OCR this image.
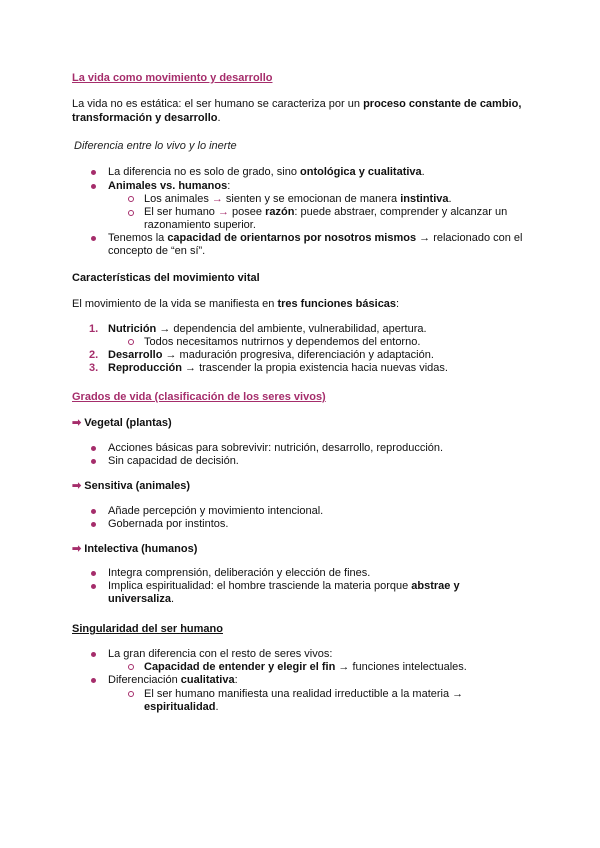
La vida como movimiento y desarrollo
La vida no es estática: el ser humano se caracteriza por un proceso constante de cambio,
transformación y desarrollo.
Diferencia entre lo vivo y lo inerte
La diferencia no es solo de grado, sino ontológica y cualitativa.
Animales vs. humanos:
Los animales → sienten y se emocionan de manera instintiva.
El ser humano → posee razón: puede abstraer, comprender y alcanzar un
razonamiento superior.
Tenemos la capacidad de orientarnos por nosotros mismos → relacionado con el
concepto de “en sí”.
Características del movimiento vital
El movimiento de la vida se manifiesta en tres funciones básicas:
1. Nutrición → dependencia del ambiente, vulnerabilidad, apertura.
Todos necesitamos nutrirnos y dependemos del entorno.
2. Desarrollo → maduración progresiva, diferenciación y adaptación.
3. Reproducción → trascender la propia existencia hacia nuevas vidas.
Grados de vida (clasificación de los seres vivos)
➡ Vegetal (plantas)
Acciones básicas para sobrevivir: nutrición, desarrollo, reproducción.
Sin capacidad de decisión.
➡ Sensitiva (animales)
Añade percepción y movimiento intencional.
Gobernada por instintos.
➡ Intelectiva (humanos)
Integra comprensión, deliberación y elección de fines.
Implica espiritualidad: el hombre trasciende la materia porque abstrae y
universaliza.
Singularidad del ser humano
La gran diferencia con el resto de seres vivos:
Capacidad de entender y elegir el fin → funciones intelectuales.
Diferenciación cualitativa:
El ser humano manifiesta una realidad irreductible a la materia →
espiritualidad.
